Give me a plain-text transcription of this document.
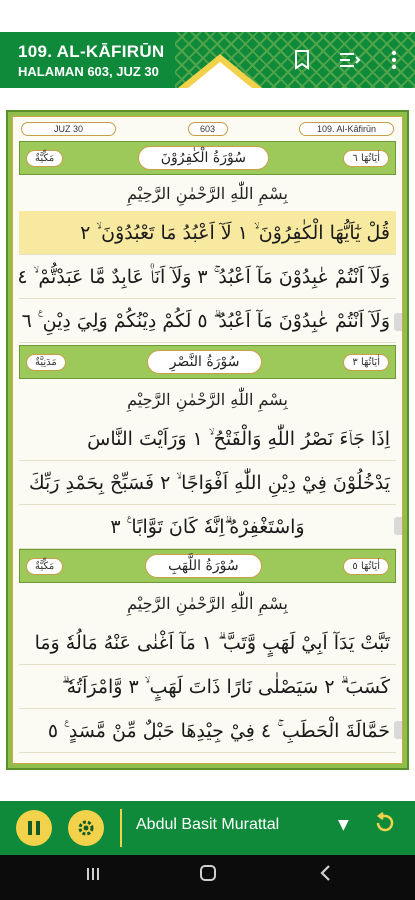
109. AL-KĀFIRŪN
HALAMAN 603, JUZ 30
JUZ 30	603	109. Al-Kāfirūn
مَكِّيَّةٌ	سُوْرَةُ الْكٰفِرُوْنَ	اٰيَاتُهَا ٦
بِسْمِ اللّٰهِ الرَّحْمٰنِ الرَّحِيْمِ
قُلْ يٰٓاَيُّهَا الْكٰفِرُوْنَ ۙ ١ لَآ اَعْبُدُ مَا تَعْبُدُوْنَ ۙ ٢
وَلَآ اَنْتُمْ عٰبِدُوْنَ مَآ اَعْبُدُ ۚ ٣ وَلَآ اَنَا۠ عَابِدٌ مَّا عَبَدْتُّمْ ۙ ٤
وَلَآ اَنْتُمْ عٰبِدُوْنَ مَآ اَعْبُدُ ۗ ٥ لَكُمْ دِيْنُكُمْ وَلِيَ دِيْنِ ࣖ ٦
مَدَنِيَّةٌ	سُوْرَةُ النَّصْرِ	اٰيَاتُهَا ٣
بِسْمِ اللّٰهِ الرَّحْمٰنِ الرَّحِيْمِ
اِذَا جَاۤءَ نَصْرُ اللّٰهِ وَالْفَتْحُ ۙ ١ وَرَاَيْتَ النَّاسَ
يَدْخُلُوْنَ فِيْ دِيْنِ اللّٰهِ اَفْوَاجًا ۙ ٢ فَسَبِّحْ بِحَمْدِ رَبِّكَ
وَاسْتَغْفِرْهُ ۗاِنَّهٗ كَانَ تَوَّابًا ࣖ ٣
مَكِّيَّةٌ	سُوْرَةُ اللَّهَبِ	اٰيَاتُهَا ٥
بِسْمِ اللّٰهِ الرَّحْمٰنِ الرَّحِيْمِ
تَبَّتْ يَدَآ اَبِيْ لَهَبٍ وَّتَبَّ ۗ ١ مَآ اَغْنٰى عَنْهُ مَالُهٗ وَمَا
كَسَبَ ۗ ٢ سَيَصْلٰى نَارًا ذَاتَ لَهَبٍ ۙ ٣ وَّامْرَاَتُهٗ ۗ
حَمَّالَةَ الْحَطَبِ ۚ ٤ فِيْ جِيْدِهَا حَبْلٌ مِّنْ مَّسَدٍ ࣖ ٥
Abdul Basit Murattal	▼
